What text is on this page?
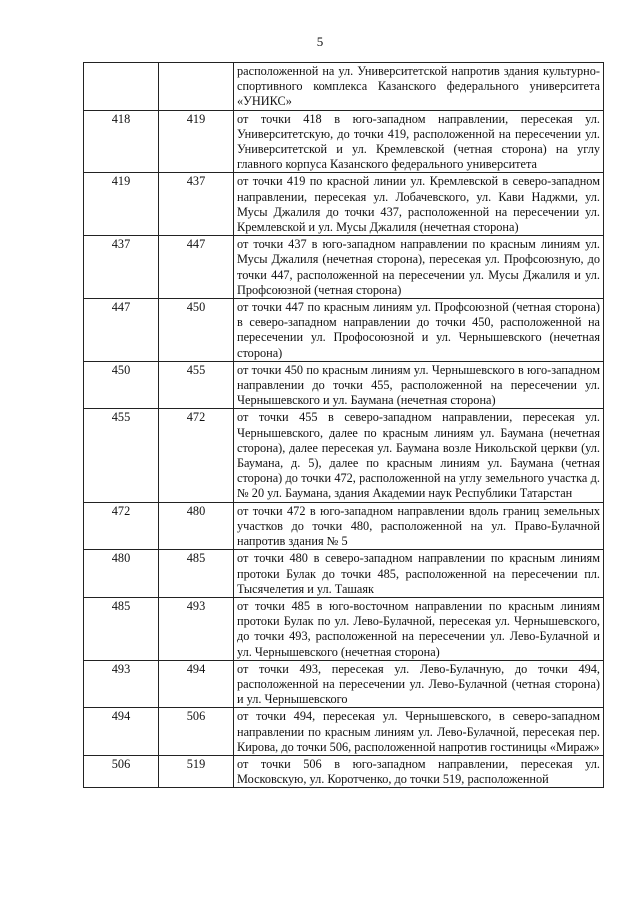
5
		расположенной на ул. Университетской напротив здания культурно-спортивного комплекса Казанского федерального университета «УНИКС»
418	419	от точки 418 в юго-западном направлении, пересекая ул. Университетскую, до точки 419, расположенной на пересечении ул. Университетской и ул. Кремлевской (четная сторона) на углу главного корпуса Казанского федерального университета
419	437	от точки 419 по красной линии ул. Кремлевской в северо-западном направлении, пересекая ул. Лобачевского, ул. Кави Наджми, ул. Мусы Джалиля до точки 437, расположенной на пересечении ул. Кремлевской и ул. Мусы Джалиля (нечетная сторона)
437	447	от точки 437 в юго-западном направлении по красным линиям ул. Мусы Джалиля (нечетная сторона), пересекая ул. Профсоюзную, до точки 447, расположенной на пересечении ул. Мусы Джалиля и ул. Профсоюзной (четная сторона)
447	450	от точки 447 по красным линиям ул. Профсоюзной (четная сторона) в северо-западном направлении до точки 450, расположенной на пересечении ул. Профосоюзной и ул. Чернышевского (нечетная сторона)
450	455	от точки 450 по красным линиям ул. Чернышевского в юго-западном направлении до точки 455, расположенной на пересечении ул. Чернышевского и ул. Баумана (нечетная сторона)
455	472	от точки 455 в северо-западном направлении, пересекая ул. Чернышевского, далее по красным линиям ул. Баумана (нечетная сторона), далее пересекая ул. Баумана возле Никольской церкви (ул. Баумана, д. 5), далее по красным линиям ул. Баумана (четная сторона) до точки 472, расположенной на углу земельного участка д. № 20 ул. Баумана, здания Академии наук Республики Татарстан
472	480	от точки 472 в юго-западном направлении вдоль границ земельных участков до точки 480, расположенной на ул. Право-Булачной напротив здания № 5
480	485	от точки 480 в северо-западном направлении по красным линиям протоки Булак до точки 485, расположенной на пересечении пл. Тысячелетия и ул. Ташаяк
485	493	от точки 485 в юго-восточном направлении по красным линиям протоки Булак по ул. Лево-Булачной, пересекая ул. Чернышевского, до точки 493, расположенной на пересечении ул. Лево-Булачной и ул. Чернышевского (нечетная сторона)
493	494	от точки 493, пересекая ул. Лево-Булачную, до точки 494, расположенной на пересечении ул. Лево-Булачной (четная сторона) и ул. Чернышевского
494	506	от точки 494, пересекая ул. Чернышевского, в северо-западном направлении по красным линиям ул. Лево-Булачной, пересекая пер. Кирова, до точки 506, расположенной напротив гостиницы «Мираж»
506	519	от точки 506 в юго-западном направлении, пересекая ул. Московскую, ул. Коротченко, до точки 519, расположенной
